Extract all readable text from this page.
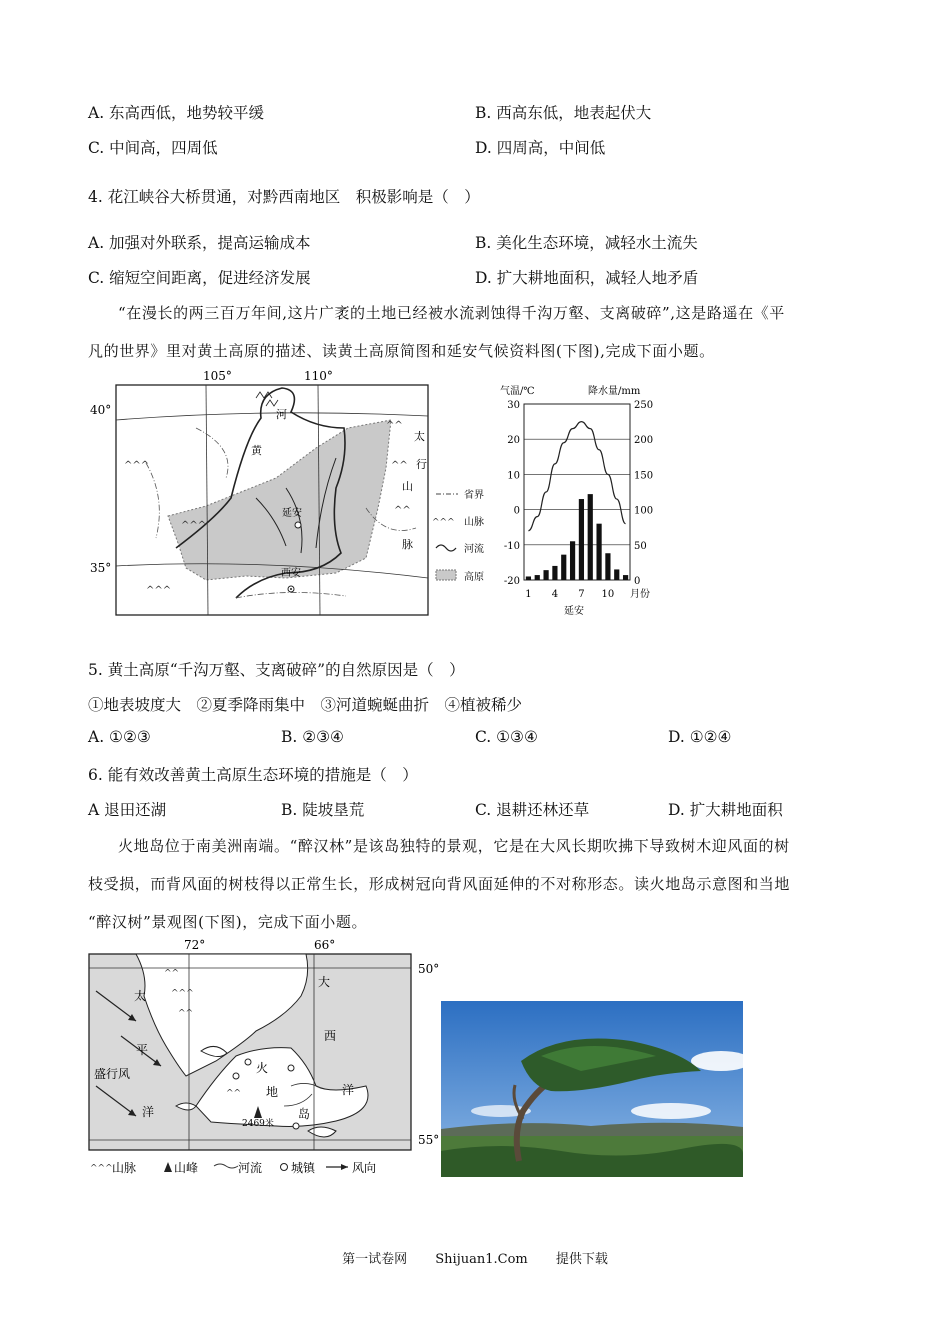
A. 东高西低，地势较平缓	B. 西高东低，地表起伏大
C. 中间高，四周低	D. 四周高，中间低
4. 花江峡谷大桥贯通，对黔西南地区　积极影响是（　）
A. 加强对外联系，提高运输成本	B. 美化生态环境，减轻水土流失
C. 缩短空间距离，促进经济发展	D. 扩大耕地面积，减轻人地矛盾
“在漫长的两三百万年间,这片广袤的土地已经被水流剥蚀得千沟万壑、支离破碎”,这是路遥在《平
凡的世界》里对黄土高原的描述、读黄土高原简图和延安气候资料图(下图),完成下面小题。
105°	110°
40°
35°
^^
^^
^^
^^^
^^^
^^^
河
黄
太
行
山
脉
延安
西安
省界
^^^ 山脉
河流
高原
气温/℃	降水量/mm
30
20
10
0
-10
-20
250
200
150
100
50
0
1 4 7 10 月份
延安
5. 黄土高原“千沟万壑、支离破碎”的自然原因是（　）
①地表坡度大　②夏季降雨集中　③河道蜿蜒曲折　④植被稀少
A. ①②③	B. ②③④	C. ①③④	D. ①②④
6. 能有效改善黄土高原生态环境的措施是（　）
A 退田还湖	B. 陡坡垦荒	C. 退耕还林还草	D. 扩大耕地面积
火地岛位于南美洲南端。“醉汉林”是该岛独特的景观，它是在大风长期吹拂下导致树木迎风面的树
枝受损，而背风面的树枝得以正常生长，形成树冠向背风面延伸的不对称形态。读火地岛示意图和当地
“醉汉树”景观图(下图)，完成下面小题。
72°	66°
50°
55°
^^
^^^
^^
^^
2469米
太
平
洋
大
西
洋
火
地
岛
盛行风
^^^ 山脉	山峰	河流 城镇	风向
第一试卷网 Shijuan1.Com 提供下载
